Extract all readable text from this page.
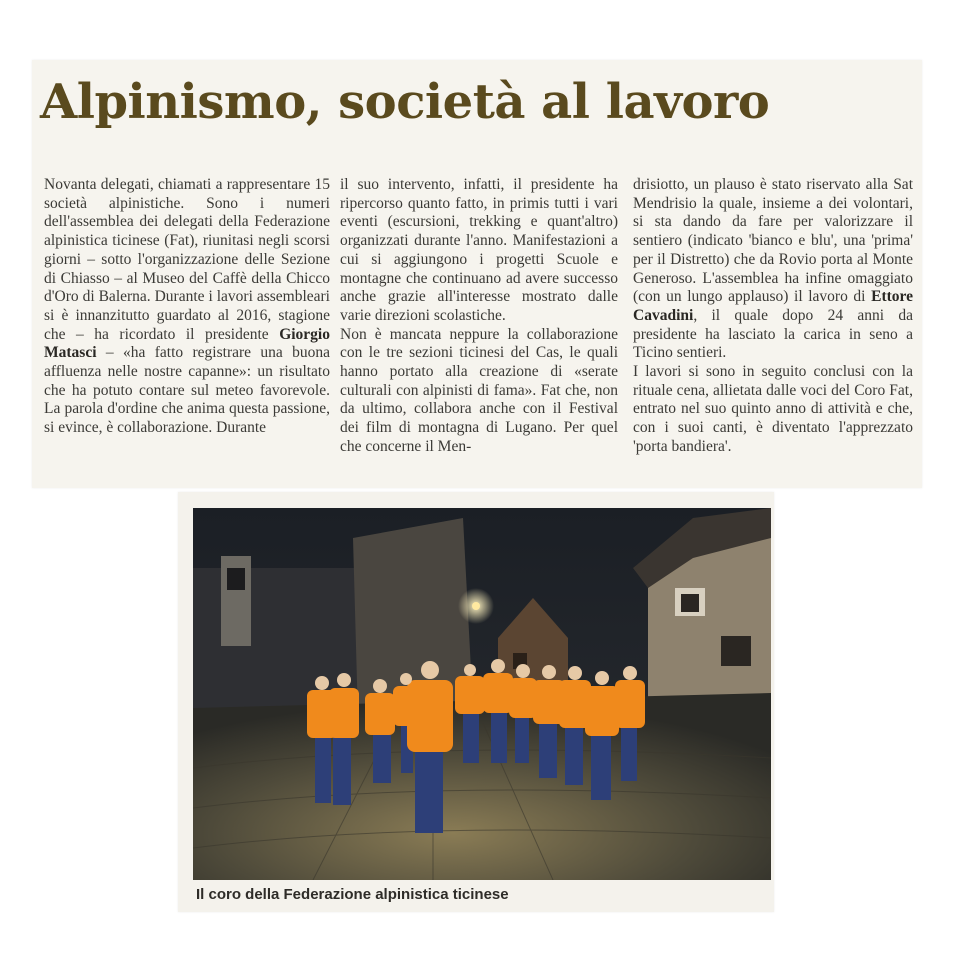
Alpinismo, società al lavoro

Novanta delegati, chiamati a rappresentare 15 società alpinistiche. Sono i numeri dell'assemblea dei delegati della Federazione alpinistica ticinese (Fat), riunitasi negli scorsi giorni – sotto l'organizzazione delle Sezione di Chiasso – al Museo del Caffè della Chicco d'Oro di Balerna. Durante i lavori assembleari si è innanzitutto guardato al 2016, stagione che – ha ricordato il presidente Giorgio Matasci – «ha fatto registrare una buona affluenza nelle nostre capanne»: un risultato che ha potuto contare sul meteo favorevole. La parola d'ordine che anima questa passione, si evince, è collaborazione. Durante

il suo intervento, infatti, il presidente ha ripercorso quanto fatto, in primis tutti i vari eventi (escursioni, trekking e quant'altro) organizzati durante l'anno. Manifestazioni a cui si aggiungono i progetti Scuole e montagne che continuano ad avere successo anche grazie all'interesse mostrato dalle varie direzioni scolastiche.

Non è mancata neppure la collaborazione con le tre sezioni ticinesi del Cas, le quali hanno portato alla creazione di «serate culturali con alpinisti di fama». Fat che, non da ultimo, collabora anche con il Festival dei film di montagna di Lugano. Per quel che concerne il Men-

drisiotto, un plauso è stato riservato alla Sat Mendrisio la quale, insieme a dei volontari, si sta dando da fare per valorizzare il sentiero (indicato 'bianco e blu', una 'prima' per il Distretto) che da Rovio porta al Monte Generoso. L'assemblea ha infine omaggiato (con un lungo applauso) il lavoro di Ettore Cavadini, il quale dopo 24 anni da presidente ha lasciato la carica in seno a Ticino sentieri.

I lavori si sono in seguito conclusi con la rituale cena, allietata dalle voci del Coro Fat, entrato nel suo quinto anno di attività e che, con i suoi canti, è diventato l'apprezzato 'porta bandiera'.

Il coro della Federazione alpinistica ticinese
